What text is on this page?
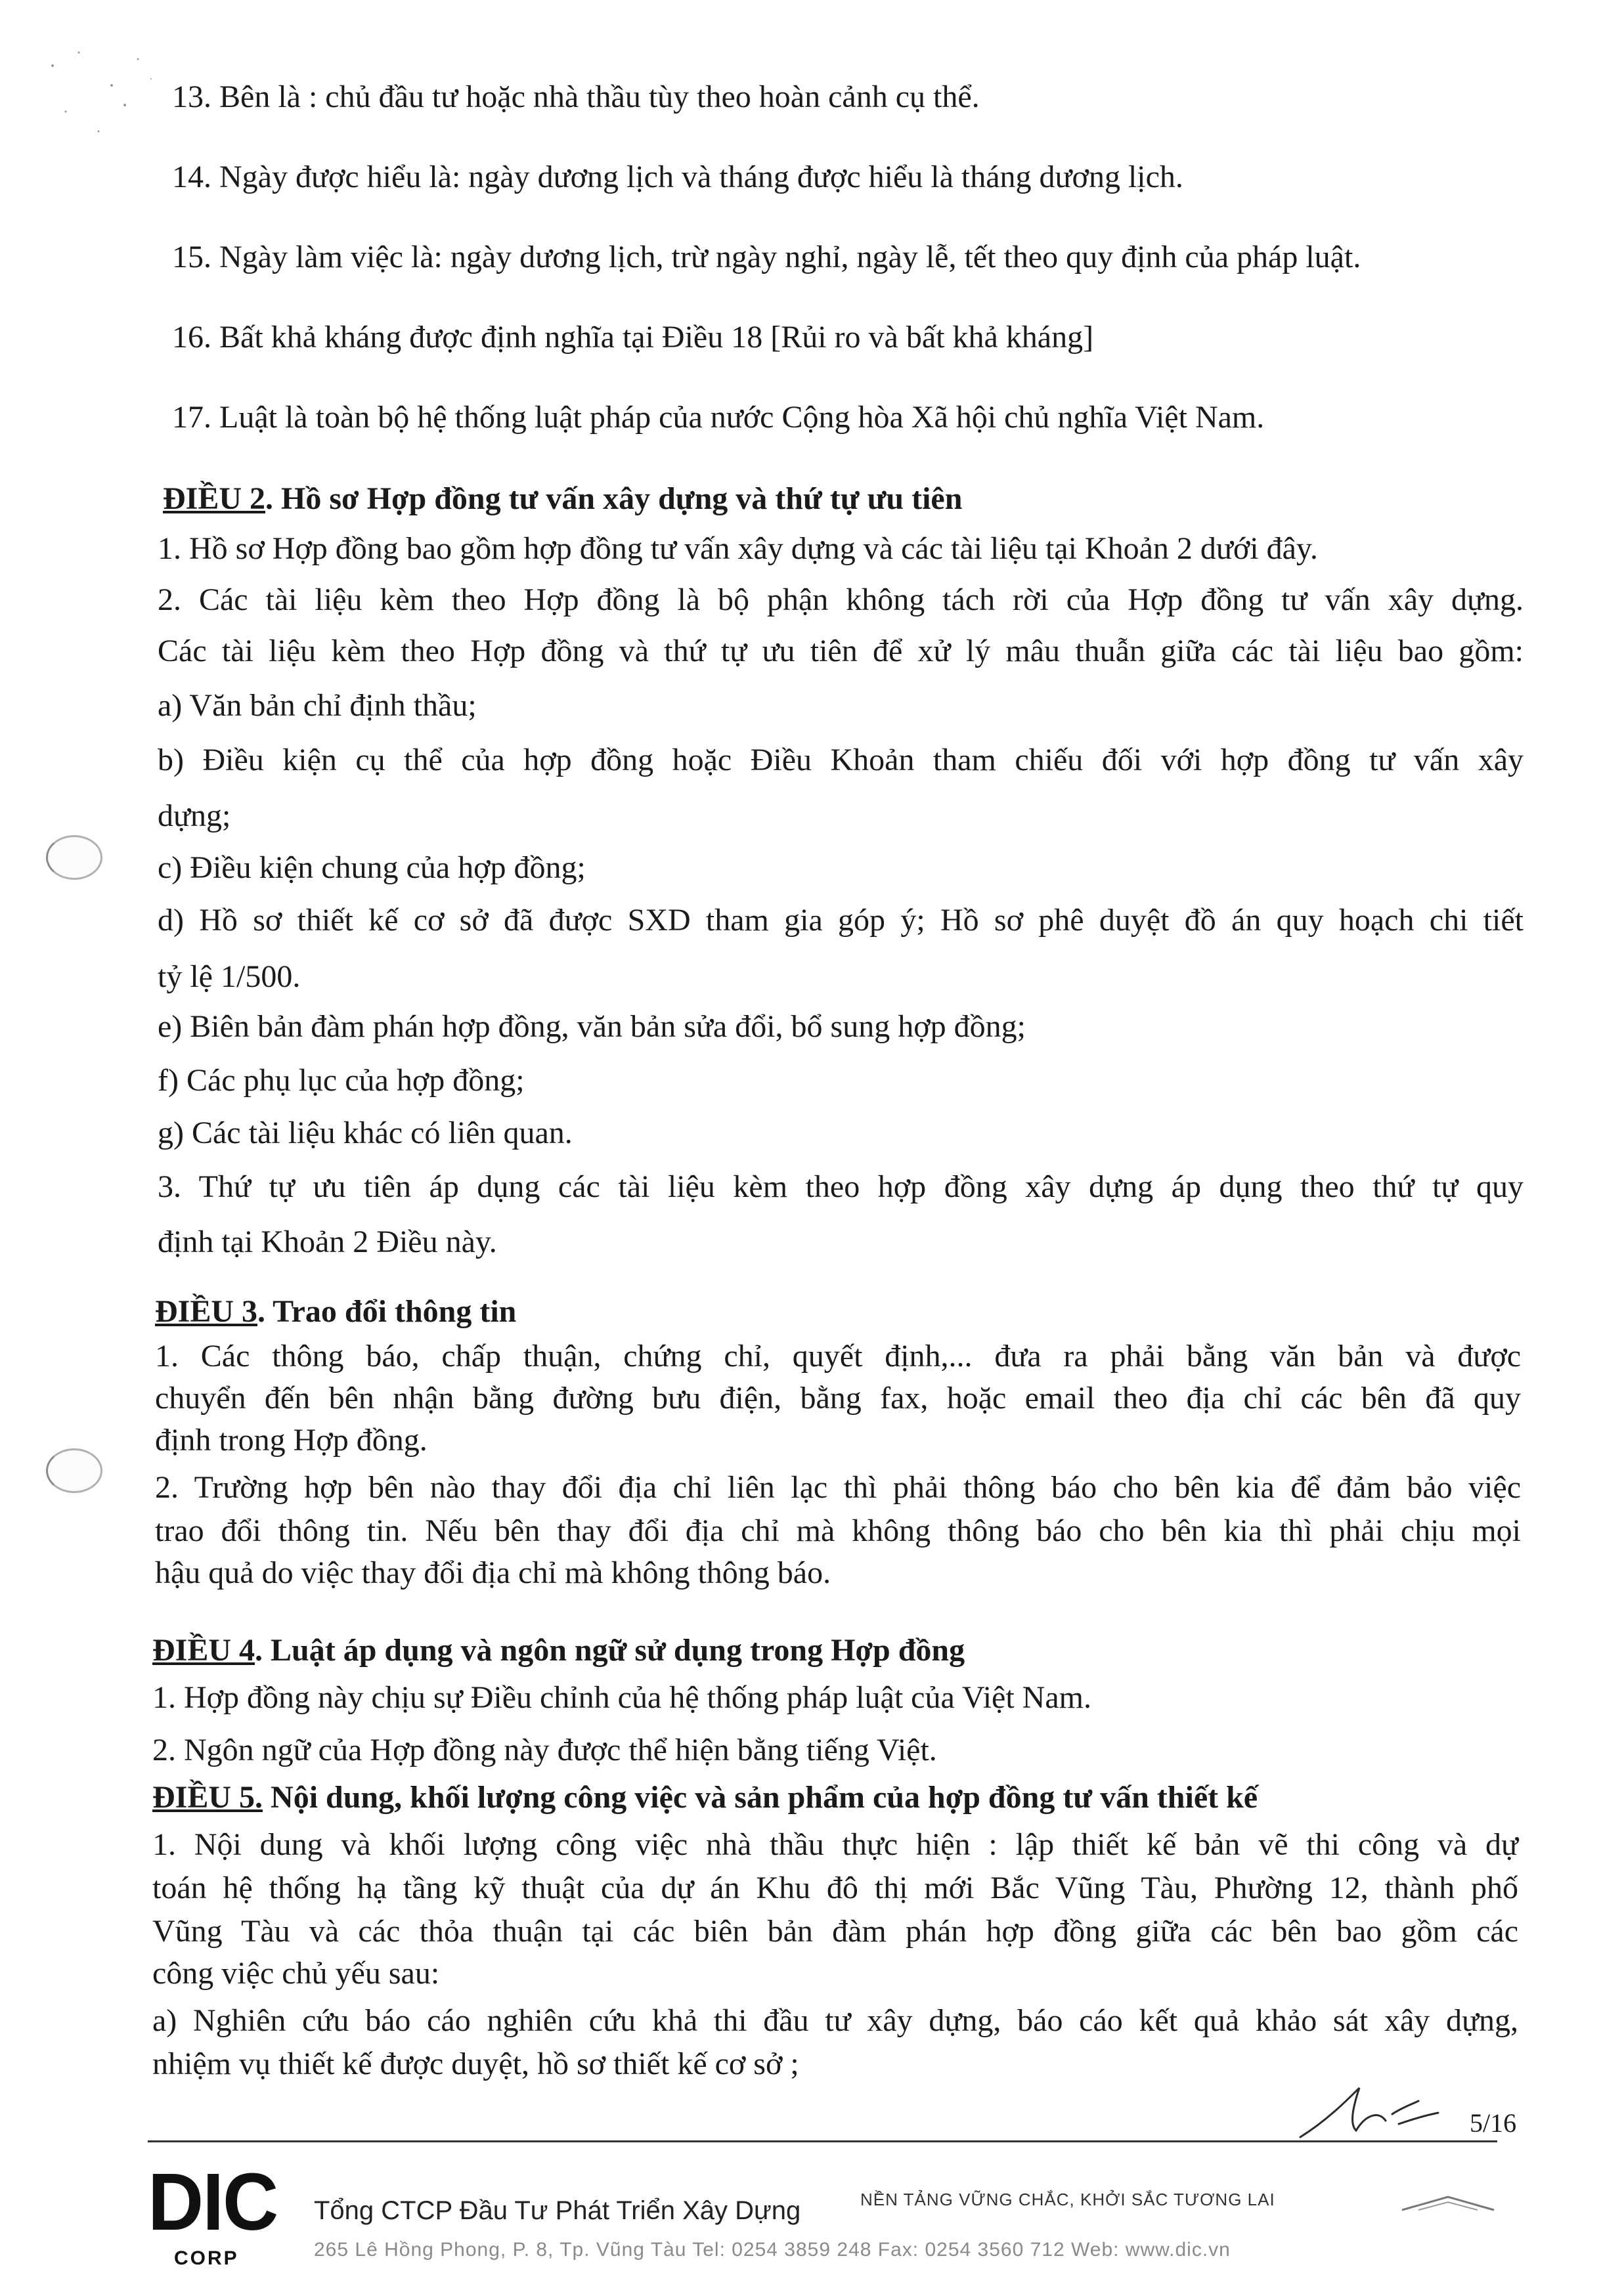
13. Bên là : chủ đầu tư hoặc nhà thầu tùy theo hoàn cảnh cụ thể.
14. Ngày được hiểu là: ngày dương lịch và tháng được hiểu là tháng dương lịch.
15. Ngày làm việc là: ngày dương lịch, trừ ngày nghỉ, ngày lễ, tết theo quy định của pháp luật.
16. Bất khả kháng được định nghĩa tại Điều 18 [Rủi ro và bất khả kháng]
17. Luật là toàn bộ hệ thống luật pháp của nước Cộng hòa Xã hội chủ nghĩa Việt Nam.
ĐIỀU 2. Hồ sơ Hợp đồng tư vấn xây dựng và thứ tự ưu tiên
1. Hồ sơ Hợp đồng bao gồm hợp đồng tư vấn xây dựng và các tài liệu tại Khoản 2 dưới đây.
2. Các tài liệu kèm theo Hợp đồng là bộ phận không tách rời của Hợp đồng tư vấn xây dựng.
Các tài liệu kèm theo Hợp đồng và thứ tự ưu tiên để xử lý mâu thuẫn giữa các tài liệu bao gồm:
a) Văn bản chỉ định thầu;
b) Điều kiện cụ thể của hợp đồng hoặc Điều Khoản tham chiếu đối với hợp đồng tư vấn xây
dựng;
c) Điều kiện chung của hợp đồng;
d) Hồ sơ thiết kế cơ sở đã được SXD tham gia góp ý; Hồ sơ phê duyệt đồ án quy hoạch chi tiết
tỷ lệ 1/500.
e) Biên bản đàm phán hợp đồng, văn bản sửa đổi, bổ sung hợp đồng;
f) Các phụ lục của hợp đồng;
g) Các tài liệu khác có liên quan.
3. Thứ tự ưu tiên áp dụng các tài liệu kèm theo hợp đồng xây dựng áp dụng theo thứ tự quy
định tại Khoản 2 Điều này.
ĐIỀU 3. Trao đổi thông tin
1. Các thông báo, chấp thuận, chứng chỉ, quyết định,... đưa ra phải bằng văn bản và được
chuyển đến bên nhận bằng đường bưu điện, bằng fax, hoặc email theo địa chỉ các bên đã quy
định trong Hợp đồng.
2. Trường hợp bên nào thay đổi địa chỉ liên lạc thì phải thông báo cho bên kia để đảm bảo việc
trao đổi thông tin. Nếu bên thay đổi địa chỉ mà không thông báo cho bên kia thì phải chịu mọi
hậu quả do việc thay đổi địa chỉ mà không thông báo.
ĐIỀU 4. Luật áp dụng và ngôn ngữ sử dụng trong Hợp đồng
1. Hợp đồng này chịu sự Điều chỉnh của hệ thống pháp luật của Việt Nam.
2. Ngôn ngữ của Hợp đồng này được thể hiện bằng tiếng Việt.
ĐIỀU 5. Nội dung, khối lượng công việc và sản phẩm của hợp đồng tư vấn thiết kế
1. Nội dung và khối lượng công việc nhà thầu thực hiện : lập thiết kế bản vẽ thi công và dự
toán hệ thống hạ tầng kỹ thuật của dự án Khu đô thị mới Bắc Vũng Tàu, Phường 12, thành phố
Vũng Tàu và các thỏa thuận tại các biên bản đàm phán hợp đồng giữa các bên bao gồm các
công việc chủ yếu sau:
a) Nghiên cứu báo cáo nghiên cứu khả thi đầu tư xây dựng, báo cáo kết quả khảo sát xây dựng,
nhiệm vụ thiết kế được duyệt, hồ sơ thiết kế cơ sở ;
5/16
DIC
CORP
Tổng CTCP Đầu Tư Phát Triển Xây Dựng	NỀN TẢNG VỮNG CHẮC, KHỞI SẮC TƯƠNG LAI
265 Lê Hồng Phong, P. 8, Tp. Vũng Tàu Tel: 0254 3859 248 Fax: 0254 3560 712 Web: www.dic.vn
